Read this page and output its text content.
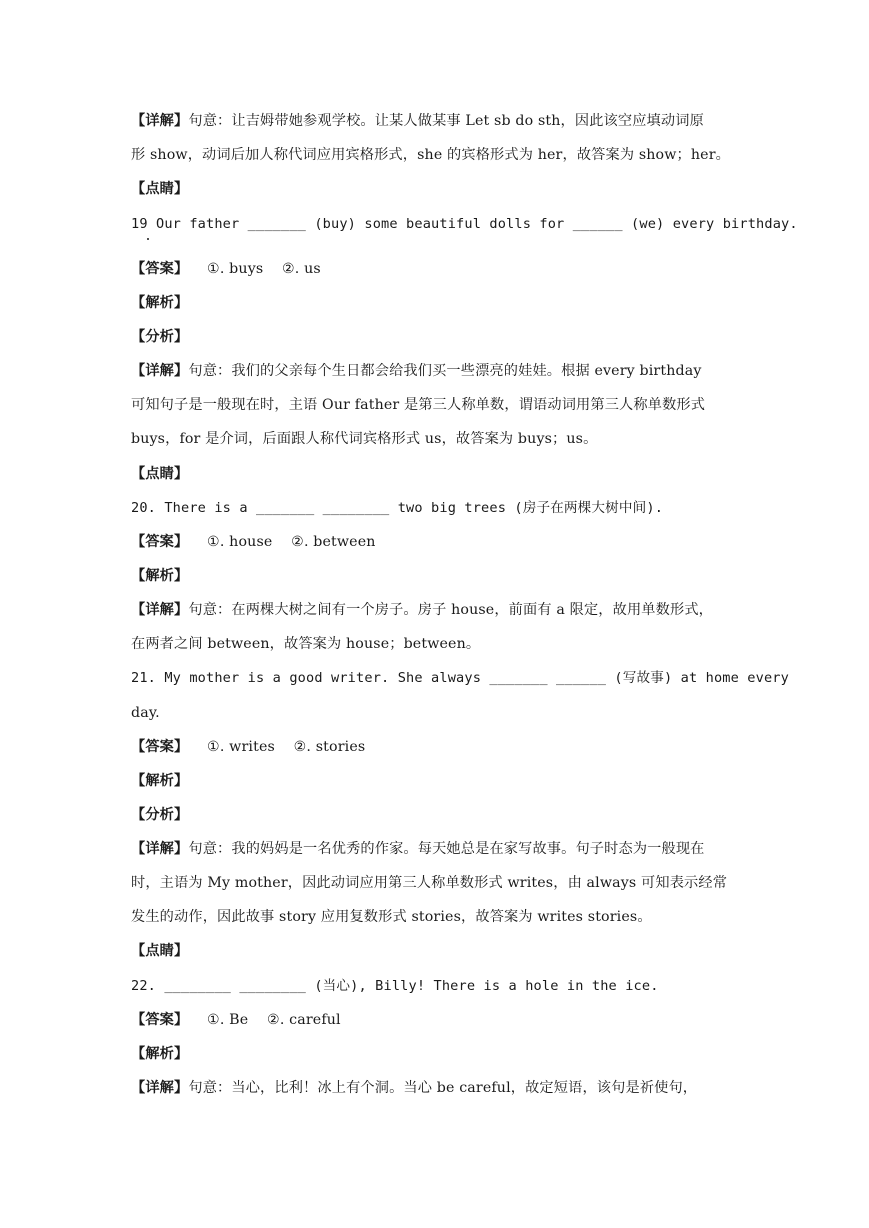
【详解】句意：让吉姆带她参观学校。让某人做某事 Let sb do sth，因此该空应填动词原
形 show，动词后加人称代词应用宾格形式，she 的宾格形式为 her，故答案为 show；her。
【点睛】
19 Our father _______ (buy) some beautiful dolls for ______ (we) every birthday.
【答案】    ①. buys    ②. us
【解析】
【分析】
【详解】句意：我们的父亲每个生日都会给我们买一些漂亮的娃娃。根据 every birthday
可知句子是一般现在时，主语 Our father 是第三人称单数，谓语动词用第三人称单数形式
buys，for 是介词，后面跟人称代词宾格形式 us，故答案为 buys；us。
【点睛】
20. There is a _______ ________ two big trees (房子在两棵大树中间).
【答案】    ①. house    ②. between
【解析】
【详解】句意：在两棵大树之间有一个房子。房子 house，前面有 a 限定，故用单数形式，
在两者之间 between，故答案为 house；between。
21. My mother is a good writer. She always _______ ______ (写故事) at home every
day.
【答案】    ①. writes    ②. stories
【解析】
【分析】
【详解】句意：我的妈妈是一名优秀的作家。每天她总是在家写故事。句子时态为一般现在
时，主语为 My mother，因此动词应用第三人称单数形式 writes，由 always 可知表示经常
发生的动作，因此故事 story 应用复数形式 stories，故答案为 writes stories。
【点睛】
22. ________ ________ (当心), Billy! There is a hole in the ice.
【答案】    ①. Be    ②. careful
【解析】
【详解】句意：当心，比利！冰上有个洞。当心 be careful，故定短语，该句是祈使句，
